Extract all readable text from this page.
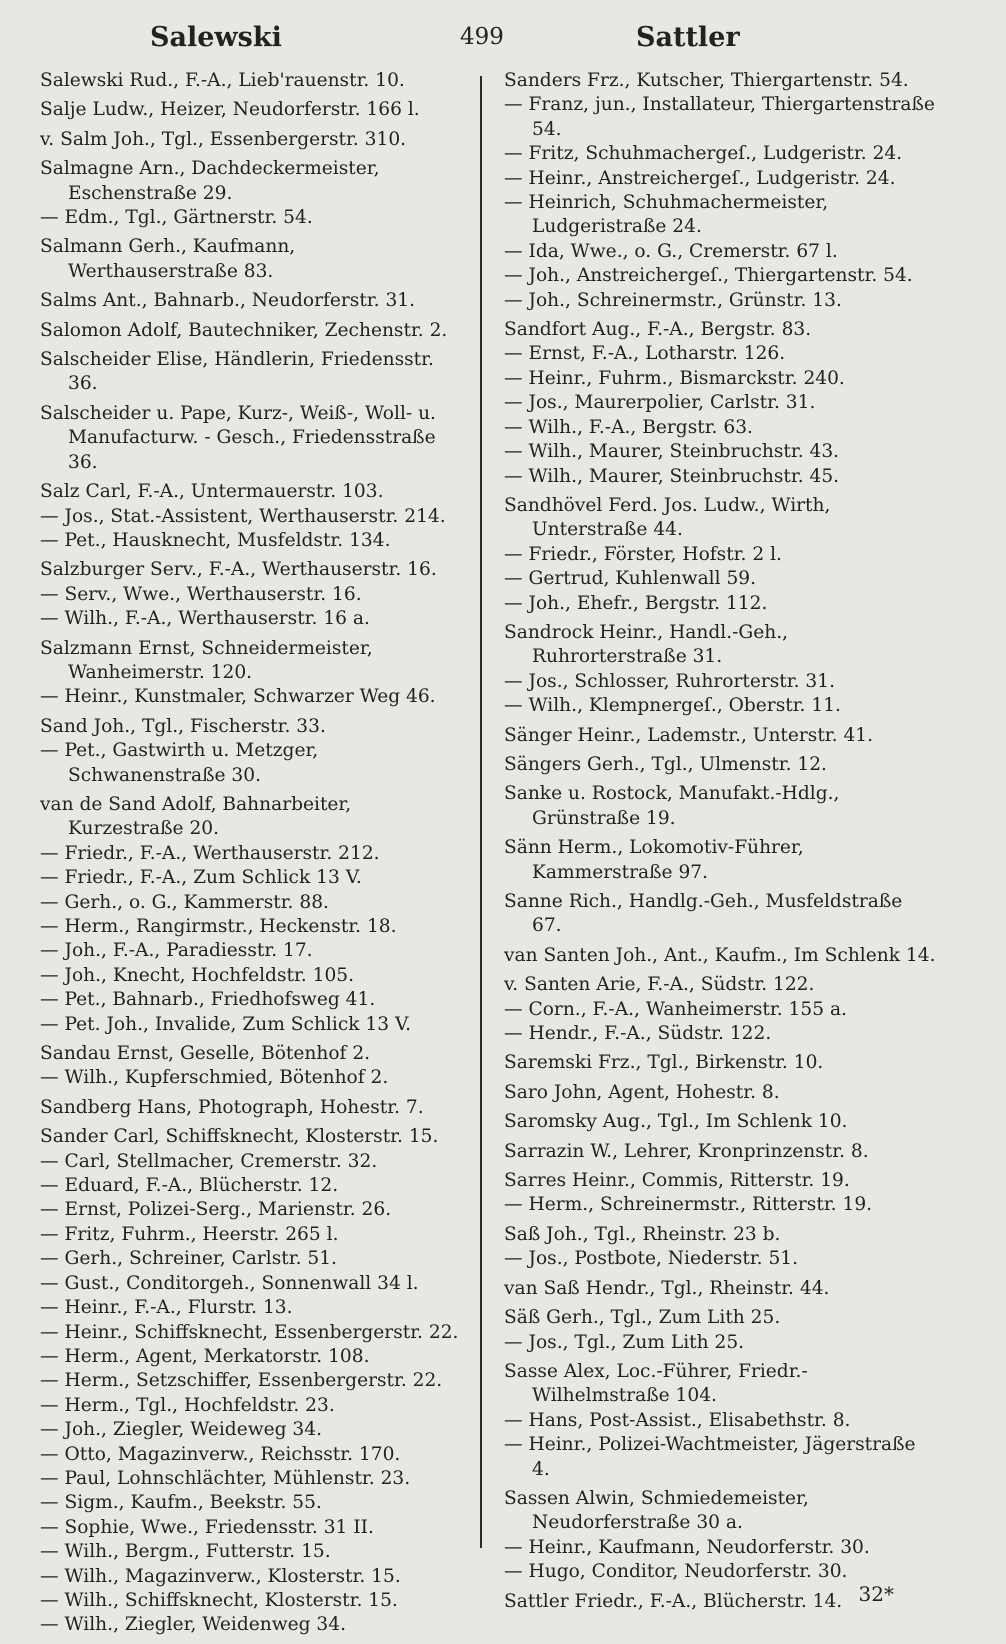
Salewski	499	Sattler
Salewski Rud., F.-A., Lieb'rauenstr. 10.
Salje Ludw., Heizer, Neudorferstr. 166 l.
v. Salm Joh., Tgl., Essenbergerstr. 310.
Salmagne Arn., Dachdeckermeister, Eschenstraße 29.
— Edm., Tgl., Gärtnerstr. 54.
Salmann Gerh., Kaufmann, Werthauserstraße 83.
Salms Ant., Bahnarb., Neudorferstr. 31.
Salomon Adolf, Bautechniker, Zechenstr. 2.
Salscheider Elise, Händlerin, Friedensstr. 36.
Salscheider u. Pape, Kurz-, Weiß-, Woll- u. Manufacturw. - Gesch., Friedensstraße 36.
Salz Carl, F.-A., Untermauerstr. 103.
— Jos., Stat.-Assistent, Werthauserstr. 214.
— Pet., Hausknecht, Musfeldstr. 134.
Salzburger Serv., F.-A., Werthauserstr. 16.
— Serv., Wwe., Werthauserstr. 16.
— Wilh., F.-A., Werthauserstr. 16 a.
Salzmann Ernst, Schneidermeister, Wanheimerstr. 120.
— Heinr., Kunstmaler, Schwarzer Weg 46.
Sand Joh., Tgl., Fischerstr. 33.
— Pet., Gastwirth u. Metzger, Schwanenstraße 30.
van de Sand Adolf, Bahnarbeiter, Kurzestraße 20.
— Friedr., F.-A., Werthauserstr. 212.
— Friedr., F.-A., Zum Schlick 13 V.
— Gerh., o. G., Kammerstr. 88.
— Herm., Rangirmstr., Heckenstr. 18.
— Joh., F.-A., Paradiesstr. 17.
— Joh., Knecht, Hochfeldstr. 105.
— Pet., Bahnarb., Friedhofsweg 41.
— Pet. Joh., Invalide, Zum Schlick 13 V.
Sandau Ernst, Geselle, Bötenhof 2.
— Wilh., Kupferschmied, Bötenhof 2.
Sandberg Hans, Photograph, Hohestr. 7.
Sander Carl, Schiffsknecht, Klosterstr. 15.
— Carl, Stellmacher, Cremerstr. 32.
— Eduard, F.-A., Blücherstr. 12.
— Ernst, Polizei-Serg., Marienstr. 26.
— Fritz, Fuhrm., Heerstr. 265 l.
— Gerh., Schreiner, Carlstr. 51.
— Gust., Conditorgeh., Sonnenwall 34 l.
— Heinr., F.-A., Flurstr. 13.
— Heinr., Schiffsknecht, Essenbergerstr. 22.
— Herm., Agent, Merkatorstr. 108.
— Herm., Setzschiffer, Essenbergerstr. 22.
— Herm., Tgl., Hochfeldstr. 23.
— Joh., Ziegler, Weideweg 34.
— Otto, Magazinverw., Reichsstr. 170.
— Paul, Lohnschlächter, Mühlenstr. 23.
— Sigm., Kaufm., Beekstr. 55.
— Sophie, Wwe., Friedensstr. 31 II.
— Wilh., Bergm., Futterstr. 15.
— Wilh., Magazinverw., Klosterstr. 15.
— Wilh., Schiffsknecht, Klosterstr. 15.
— Wilh., Ziegler, Weidenweg 34.
Sanders Frz., Kutscher, Thiergartenstr. 54.
— Franz, jun., Installateur, Thiergartenstraße 54.
— Fritz, Schuhmachergeſ., Ludgeristr. 24.
— Heinr., Anstreichergeſ., Ludgeristr. 24.
— Heinrich, Schuhmachermeister, Ludgeristraße 24.
— Ida, Wwe., o. G., Cremerstr. 67 l.
— Joh., Anstreichergeſ., Thiergartenstr. 54.
— Joh., Schreinermstr., Grünstr. 13.
Sandfort Aug., F.-A., Bergstr. 83.
— Ernst, F.-A., Lotharstr. 126.
— Heinr., Fuhrm., Bismarckstr. 240.
— Jos., Maurerpolier, Carlstr. 31.
— Wilh., F.-A., Bergstr. 63.
— Wilh., Maurer, Steinbruchstr. 43.
— Wilh., Maurer, Steinbruchstr. 45.
Sandhövel Ferd. Jos. Ludw., Wirth, Unterstraße 44.
— Friedr., Förster, Hofstr. 2 l.
— Gertrud, Kuhlenwall 59.
— Joh., Ehefr., Bergstr. 112.
Sandrock Heinr., Handl.-Geh., Ruhrorterstraße 31.
— Jos., Schlosser, Ruhrorterstr. 31.
— Wilh., Klempnergeſ., Oberstr. 11.
Sänger Heinr., Lademstr., Unterstr. 41.
Sängers Gerh., Tgl., Ulmenstr. 12.
Sanke u. Rostock, Manufakt.-Hdlg., Grünstraße 19.
Sänn Herm., Lokomotiv-Führer, Kammerstraße 97.
Sanne Rich., Handlg.-Geh., Musfeldstraße 67.
van Santen Joh., Ant., Kaufm., Im Schlenk 14.
v. Santen Arie, F.-A., Südstr. 122.
— Corn., F.-A., Wanheimerstr. 155 a.
— Hendr., F.-A., Südstr. 122.
Saremski Frz., Tgl., Birkenstr. 10.
Saro John, Agent, Hohestr. 8.
Saromsky Aug., Tgl., Im Schlenk 10.
Sarrazin W., Lehrer, Kronprinzenstr. 8.
Sarres Heinr., Commis, Ritterstr. 19.
— Herm., Schreinermstr., Ritterstr. 19.
Saß Joh., Tgl., Rheinstr. 23 b.
— Jos., Postbote, Niederstr. 51.
van Saß Hendr., Tgl., Rheinstr. 44.
Säß Gerh., Tgl., Zum Lith 25.
— Jos., Tgl., Zum Lith 25.
Sasse Alex, Loc.-Führer, Friedr.-Wilhelmstraße 104.
— Hans, Post-Assist., Elisabethstr. 8.
— Heinr., Polizei-Wachtmeister, Jägerstraße 4.
Sassen Alwin, Schmiedemeister, Neudorferstraße 30 a.
— Heinr., Kaufmann, Neudorferstr. 30.
— Hugo, Conditor, Neudorferstr. 30.
Sattler Friedr., F.-A., Blücherstr. 14. 32*
